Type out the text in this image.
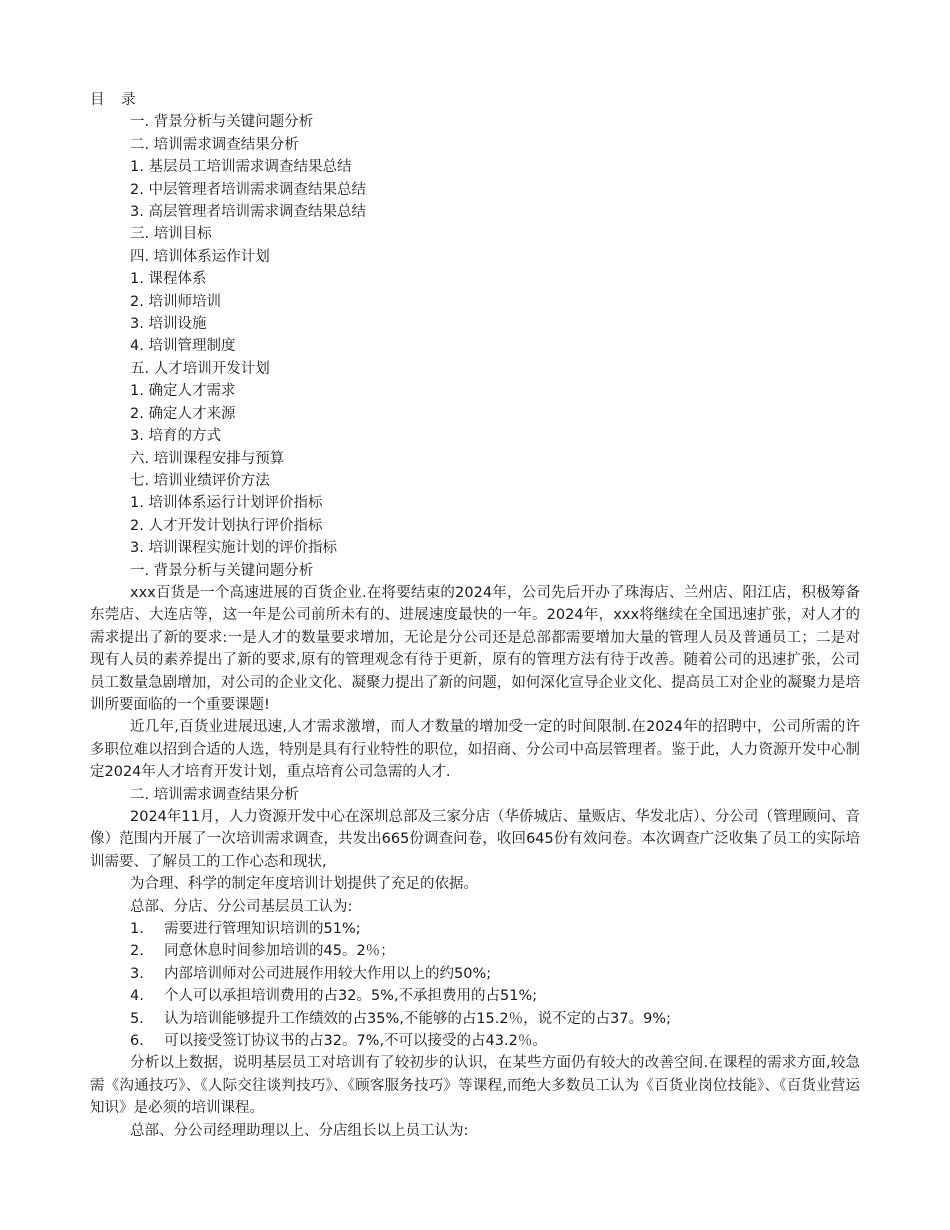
目 录
一. 背景分析与关键问题分析
二. 培训需求调查结果分析
1. 基层员工培训需求调查结果总结
2. 中层管理者培训需求调查结果总结
3. 高层管理者培训需求调查结果总结
三. 培训目标
四. 培训体系运作计划
1. 课程体系
2. 培训师培训
3. 培训设施
4. 培训管理制度
五. 人才培训开发计划
1. 确定人才需求
2. 确定人才来源
3. 培育的方式
六. 培训课程安排与预算
七. 培训业绩评价方法
1. 培训体系运行计划评价指标
2. 人才开发计划执行评价指标
3. 培训课程实施计划的评价指标
一. 背景分析与关键问题分析
xxx百货是一个高速进展的百货企业.在将要结束的2024年，公司先后开办了珠海店、兰州店、阳江店，积极筹备东莞店、大连店等，这一年是公司前所未有的、进展速度最快的一年。2024年，xxx将继续在全国迅速扩张，对人才的需求提出了新的要求:一是人才的数量要求增加，无论是分公司还是总部都需要增加大量的管理人员及普通员工；二是对现有人员的素养提出了新的要求,原有的管理观念有待于更新，原有的管理方法有待于改善。随着公司的迅速扩张，公司员工数量急剧增加，对公司的企业文化、凝聚力提出了新的问题，如何深化宣导企业文化、提高员工对企业的凝聚力是培训所要面临的一个重要课题!
近几年,百货业进展迅速,人才需求激增，而人才数量的增加受一定的时间限制.在2024年的招聘中，公司所需的许多职位难以招到合适的人选，特别是具有行业特性的职位，如招商、分公司中高层管理者。鉴于此，人力资源开发中心制定2024年人才培育开发计划，重点培育公司急需的人才.
二. 培训需求调查结果分析
2024年11月，人力资源开发中心在深圳总部及三家分店（华侨城店、量贩店、华发北店）、分公司（管理顾问、音像）范围内开展了一次培训需求调查，共发出665份调查问卷，收回645份有效问卷。本次调查广泛收集了员工的实际培训需要、了解员工的工作心态和现状,
为合理、科学的制定年度培训计划提供了充足的依据。
总部、分店、分公司基层员工认为:
1. 需要进行管理知识培训的51%;
2. 同意休息时间参加培训的45。2％；
3. 内部培训师对公司进展作用较大作用以上的约50%;
4. 个人可以承担培训费用的占32。5%,不承担费用的占51%;
5. 认为培训能够提升工作绩效的占35%,不能够的占15.2％，说不定的占37。9%;
6. 可以接受签订协议书的占32。7%,不可以接受的占43.2％。
分析以上数据，说明基层员工对培训有了较初步的认识，在某些方面仍有较大的改善空间.在课程的需求方面,较急需《沟通技巧》、《人际交往谈判技巧》、《顾客服务技巧》等课程,而绝大多数员工认为《百货业岗位技能》、《百货业营运知识》是必须的培训课程。
总部、分公司经理助理以上、分店组长以上员工认为:
